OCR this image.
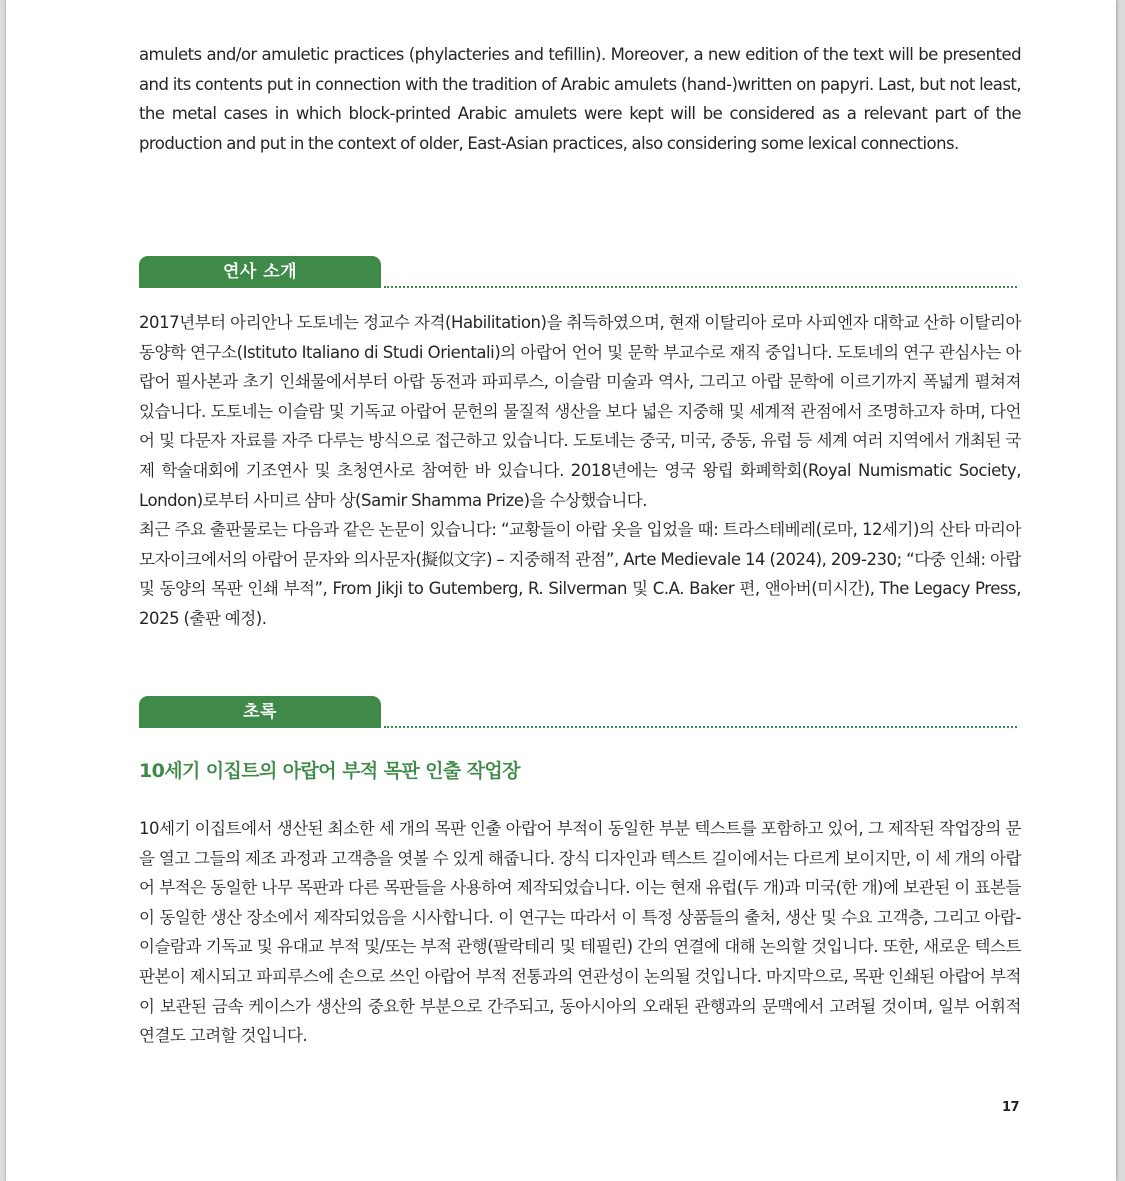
amulets and/or amuletic practices (phylacteries and tefillin). Moreover, a new edition of the text will be presented and its contents put in connection with the tradition of Arabic amulets (hand-)written on papyri. Last, but not least, the metal cases in which block-printed Arabic amulets were kept will be considered as a relevant part of the production and put in the context of older, East-Asian practices, also considering some lexical connections.

연사 소개
2017년부터 아리안나 도토네는 정교수 자격(Habilitation)을 취득하였으며, 현재 이탈리아 로마 사피엔자 대학교 산하 이탈리아 동양학 연구소(Istituto Italiano di Studi Orientali)의 아랍어 언어 및 문학 부교수로 재직 중입니다. 도토네의 연구 관심사는 아랍어 필사본과 초기 인쇄물에서부터 아랍 동전과 파피루스, 이슬람 미술과 역사, 그리고 아랍 문학에 이르기까지 폭넓게 펼쳐져 있습니다. 도토네는 이슬람 및 기독교 아랍어 문헌의 물질적 생산을 보다 넓은 지중해 및 세계적 관점에서 조명하고자 하며, 다언어 및 다문자 자료를 자주 다루는 방식으로 접근하고 있습니다. 도토네는 중국, 미국, 중동, 유럽 등 세계 여러 지역에서 개최된 국제 학술대회에 기조연사 및 초청연사로 참여한 바 있습니다. 2018년에는 영국 왕립 화폐학회(Royal Numismatic Society, London)로부터 사미르 샴마 상(Samir Shamma Prize)을 수상했습니다.
최근 주요 출판물로는 다음과 같은 논문이 있습니다: “교황들이 아랍 옷을 입었을 때: 트라스테베레(로마, 12세기)의 산타 마리아 모자이크에서의 아랍어 문자와 의사문자(擬似文字) – 지중해적 관점”, Arte Medievale 14 (2024), 209-230; “다중 인쇄: 아랍 및 동양의 목판 인쇄 부적”, From Jikji to Gutemberg, R. Silverman 및 C.A. Baker 편, 앤아버(미시간), The Legacy Press, 2025 (출판 예정).
초록
10세기 이집트의 아랍어 부적 목판 인출 작업장

10세기 이집트에서 생산된 최소한 세 개의 목판 인출 아랍어 부적이 동일한 부분 텍스트를 포함하고 있어, 그 제작된 작업장의 문을 열고 그들의 제조 과정과 고객층을 엿볼 수 있게 해줍니다. 장식 디자인과 텍스트 길이에서는 다르게 보이지만, 이 세 개의 아랍어 부적은 동일한 나무 목판과 다른 목판들을 사용하여 제작되었습니다. 이는 현재 유럽(두 개)과 미국(한 개)에 보관된 이 표본들이 동일한 생산 장소에서 제작되었음을 시사합니다. 이 연구는 따라서 이 특정 상품들의 출처, 생산 및 수요 고객층, 그리고 아랍-이슬람과 기독교 및 유대교 부적 및/또는 부적 관행(팔락테리 및 테필린) 간의 연결에 대해 논의할 것입니다. 또한, 새로운 텍스트 판본이 제시되고 파피루스에 손으로 쓰인 아랍어 부적 전통과의 연관성이 논의될 것입니다. 마지막으로, 목판 인쇄된 아랍어 부적이 보관된 금속 케이스가 생산의 중요한 부분으로 간주되고, 동아시아의 오래된 관행과의 문맥에서 고려될 것이며, 일부 어휘적 연결도 고려할 것입니다.

17
